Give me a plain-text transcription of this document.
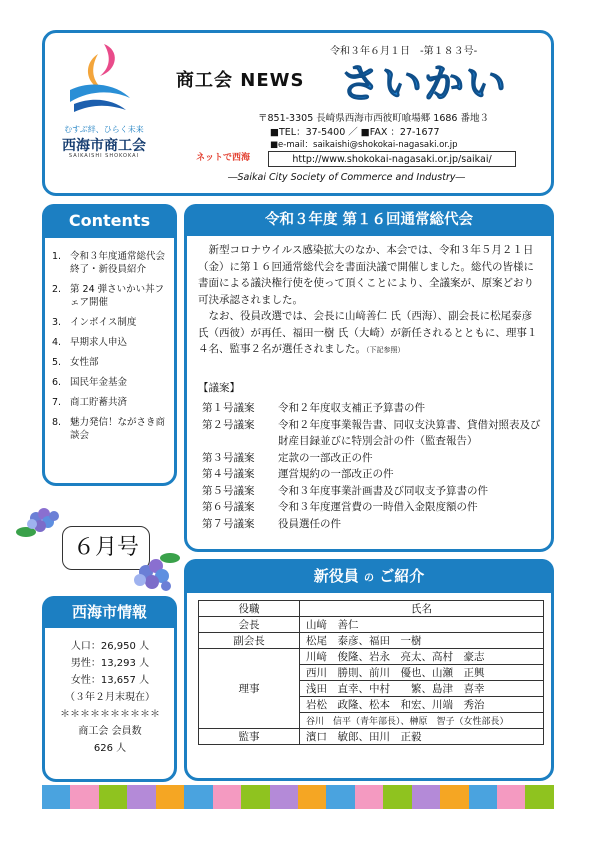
むすぶ絆、ひらく未来
西海市商工会
SAIKAISHI SHOKOKAI
令和３年６月１日　-第１８３号-
商工会 NEWS さいかい
〒851-3305 長崎県西海市西彼町喰場郷 1686 番地３
■TEL：37-5400 ／ ■FAX ：27-1677
■e-mail：saikaishi@shokokai-nagasaki.or.jp
ネットで西海	http://www.shokokai-nagasaki.or.jp/saikai/
―Saikai City Society of Commerce and Industry―
Contents
1. 令和３年度通常総代会終了・新役員紹介
2. 第 24 弾さいかい丼フェア開催
3. インボイス制度
4. 早期求人申込
5. 女性部
6. 国民年金基金
7. 商工貯蓄共済
8. 魅力発信！ながさき商談会
６月号
西海市情報
人口：26,950 人
男性：13,293 人
女性：13,657 人
（３年２月末現在）
＊＊＊＊＊＊＊＊＊＊
商工会 会員数
626 人
令和３年度 第１６回通常総代会

新型コロナウイルス感染拡大のなか、本会では、令和３年５月２１日（金）に第１６回通常総代会を書面決議で開催しました。総代の皆様に書面による議決権行使を使って頂くことにより、全議案が、原案どおり可決承認されました。

なお、役員改選では、会長に山﨑善仁 氏（西海）、副会長に松尾泰彦 氏（西彼）が再任、福田一樹 氏（大崎）が新任されるとともに、理事１４名、監事２名が選任されました。（下記参照）

【議案】
第１号議案	令和２年度収支補正予算書の件
第２号議案	令和２年度事業報告書、同収支決算書、貸借対照表及び財産目録並びに特別会計の件（監査報告）
第３号議案	定款の一部改正の件
第４号議案	運営規約の一部改正の件
第５号議案	令和３年度事業計画書及び同収支予算書の件
第６号議案	令和３年度運営費の一時借入金限度額の件
第７号議案	役員選任の件
新役員 の ご紹介
役職	氏名
会長	山﨑　善仁
副会長	松尾　泰彦、福田　一樹
理事	川﨑　俊隆、岩永　亮太、高村　豪志
	西川　勝則、前川　優也、山瀬　正興
	浅田　直幸、中村　　繁、島津　喜幸
	岩松　政隆、松本　和宏、川端　秀治
	谷川　信平（青年部長）、榊原　智子（女性部長）
監事	濱口　敏郎、田川　正毅
